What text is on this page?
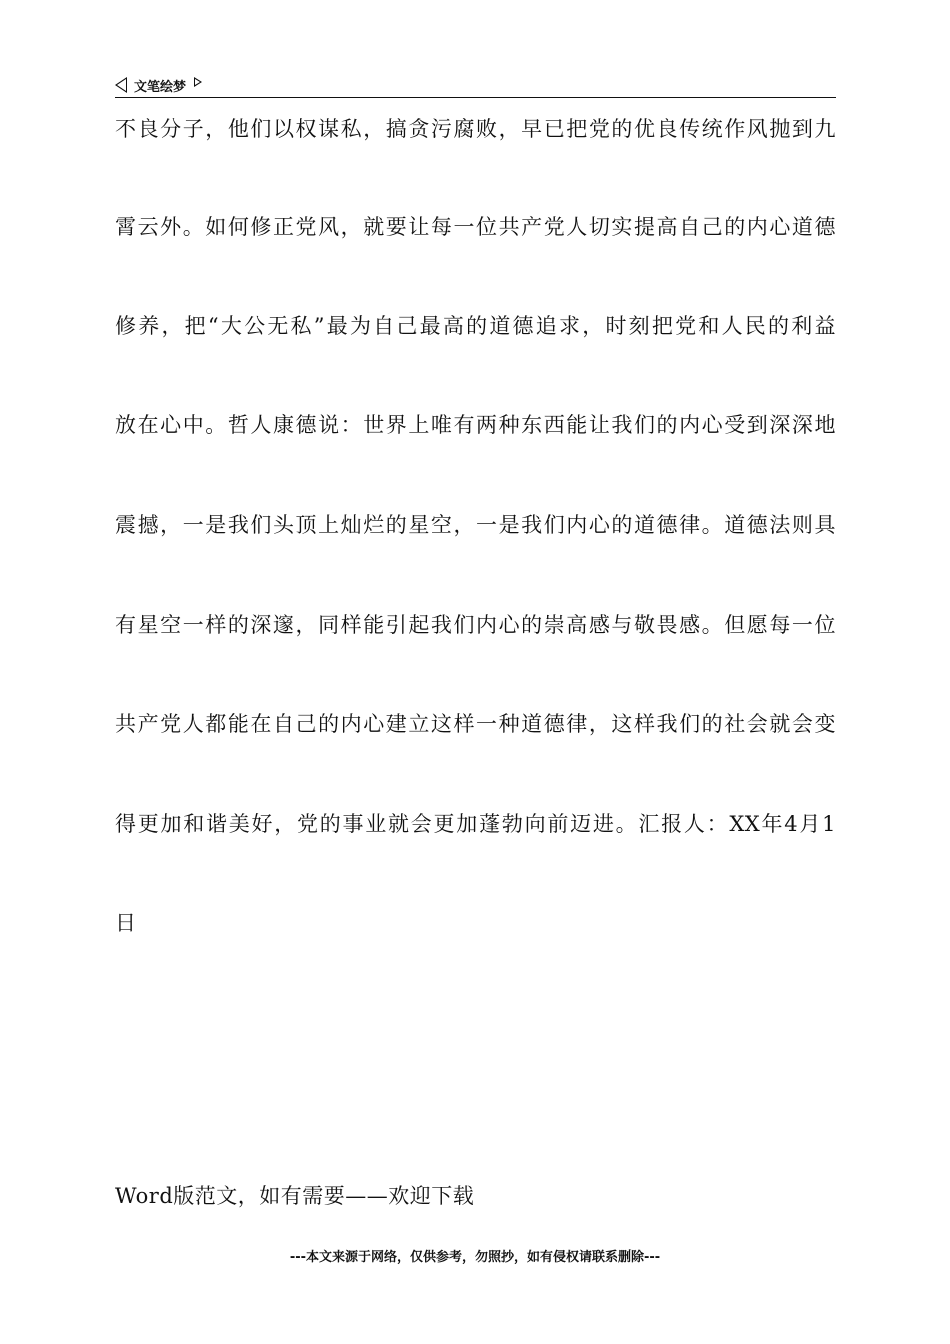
文笔绘梦
不良分子，他们以权谋私，搞贪污腐败，早已把党的优良传统作风抛到九
霄云外。如何修正党风，就要让每一位共产党人切实提高自己的内心道德
修养，把“大公无私”最为自己最高的道德追求，时刻把党和人民的利益
放在心中。哲人康德说：世界上唯有两种东西能让我们的内心受到深深地
震撼，一是我们头顶上灿烂的星空，一是我们内心的道德律。道德法则具
有星空一样的深邃，同样能引起我们内心的崇高感与敬畏感。但愿每一位
共产党人都能在自己的内心建立这样一种道德律，这样我们的社会就会变
得更加和谐美好，党的事业就会更加蓬勃向前迈进。汇报人：XX年4月1
日
Word版范文，如有需要——欢迎下载
---本文来源于网络，仅供参考，勿照抄，如有侵权请联系删除---
